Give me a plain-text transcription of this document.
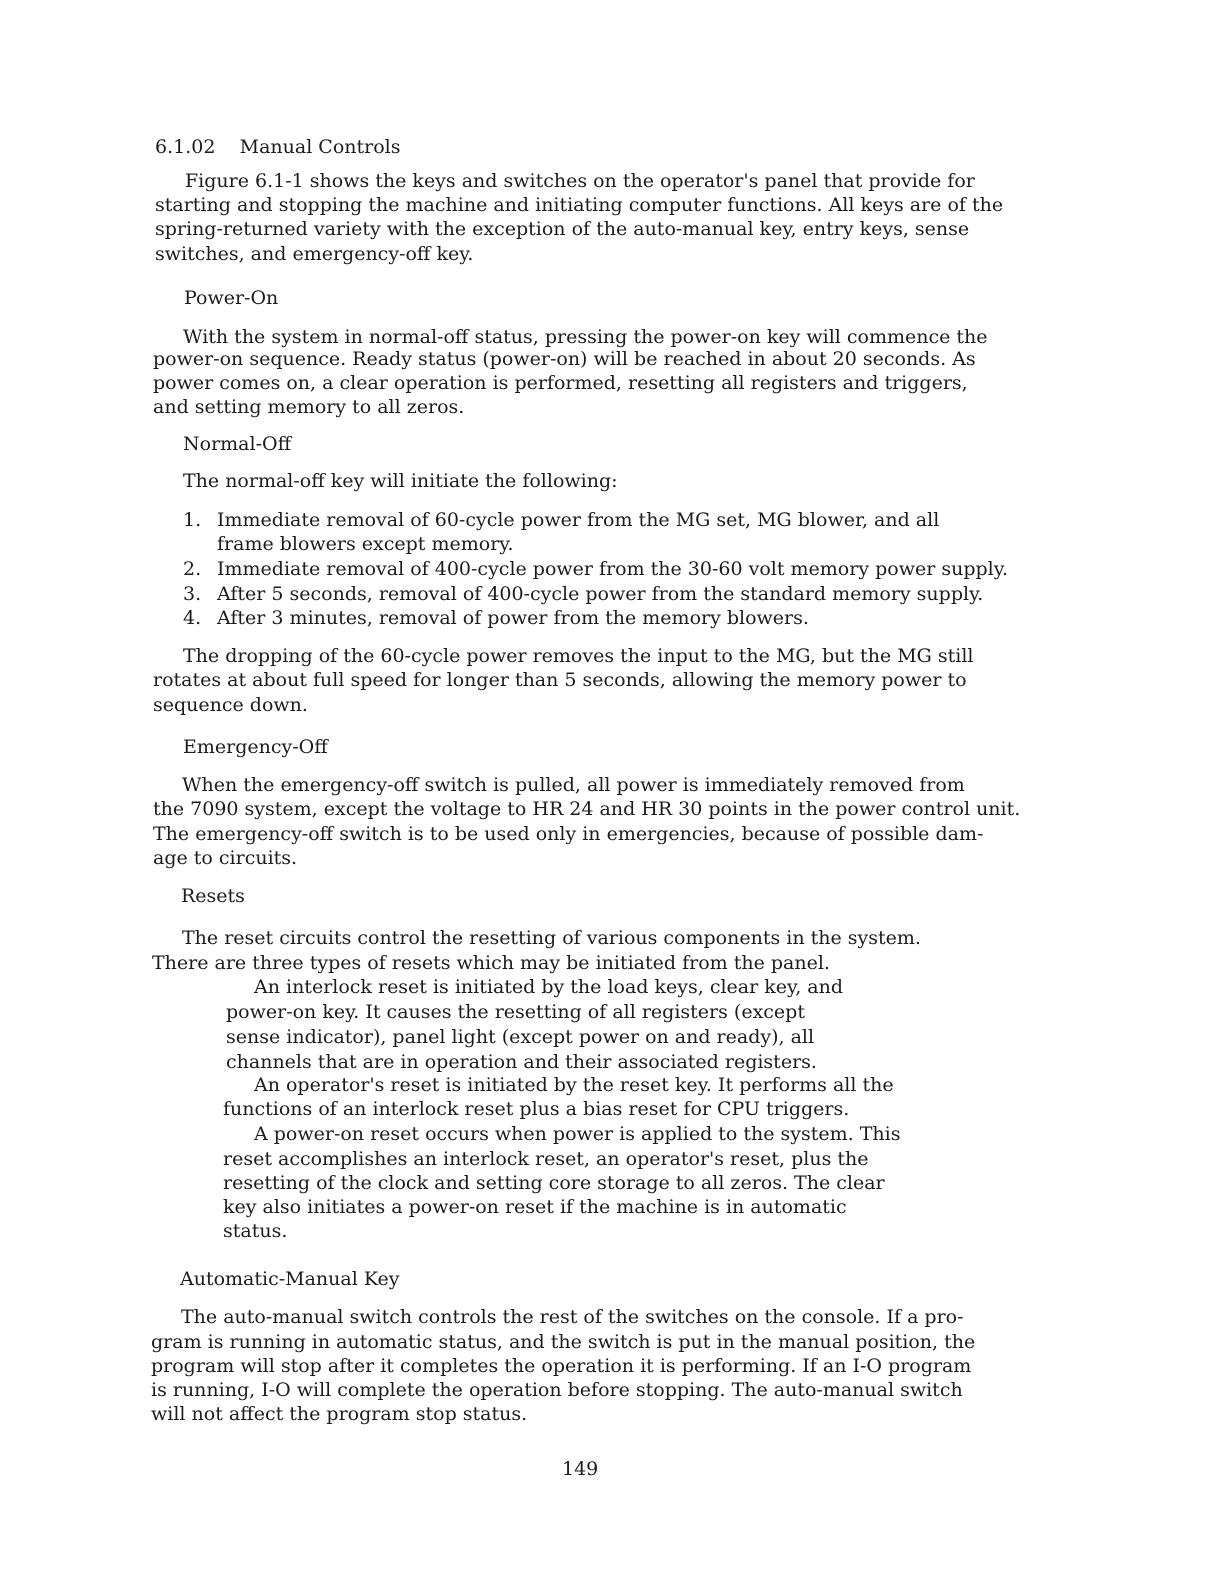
6.1.02 Manual Controls

Figure 6.1-1 shows the keys and switches on the operator's panel that provide for

starting and stopping the machine and initiating computer functions. All keys are of the

spring-returned variety with the exception of the auto-manual key, entry keys, sense

switches, and emergency-off key.

Power-On

With the system in normal-off status, pressing the power-on key will commence the

power-on sequence. Ready status (power-on) will be reached in about 20 seconds. As

power comes on, a clear operation is performed, resetting all registers and triggers,

and setting memory to all zeros.

Normal-Off

The normal-off key will initiate the following:

1. Immediate removal of 60-cycle power from the MG set, MG blower, and all

frame blowers except memory.

2. Immediate removal of 400-cycle power from the 30-60 volt memory power supply.

3. After 5 seconds, removal of 400-cycle power from the standard memory supply.

4. After 3 minutes, removal of power from the memory blowers.

The dropping of the 60-cycle power removes the input to the MG, but the MG still

rotates at about full speed for longer than 5 seconds, allowing the memory power to

sequence down.

Emergency-Off

When the emergency-off switch is pulled, all power is immediately removed from

the 7090 system, except the voltage to HR 24 and HR 30 points in the power control unit.

The emergency-off switch is to be used only in emergencies, because of possible dam-

age to circuits.

Resets

The reset circuits control the resetting of various components in the system.

There are three types of resets which may be initiated from the panel.

An interlock reset is initiated by the load keys, clear key, and

power-on key. It causes the resetting of all registers (except

sense indicator), panel light (except power on and ready), all

channels that are in operation and their associated registers.

An operator's reset is initiated by the reset key. It performs all the

functions of an interlock reset plus a bias reset for CPU triggers.

A power-on reset occurs when power is applied to the system. This

reset accomplishes an interlock reset, an operator's reset, plus the

resetting of the clock and setting core storage to all zeros. The clear

key also initiates a power-on reset if the machine is in automatic

status.

Automatic-Manual Key

The auto-manual switch controls the rest of the switches on the console. If a pro-

gram is running in automatic status, and the switch is put in the manual position, the

program will stop after it completes the operation it is performing. If an I-O program

is running, I-O will complete the operation before stopping. The auto-manual switch

will not affect the program stop status.

149
